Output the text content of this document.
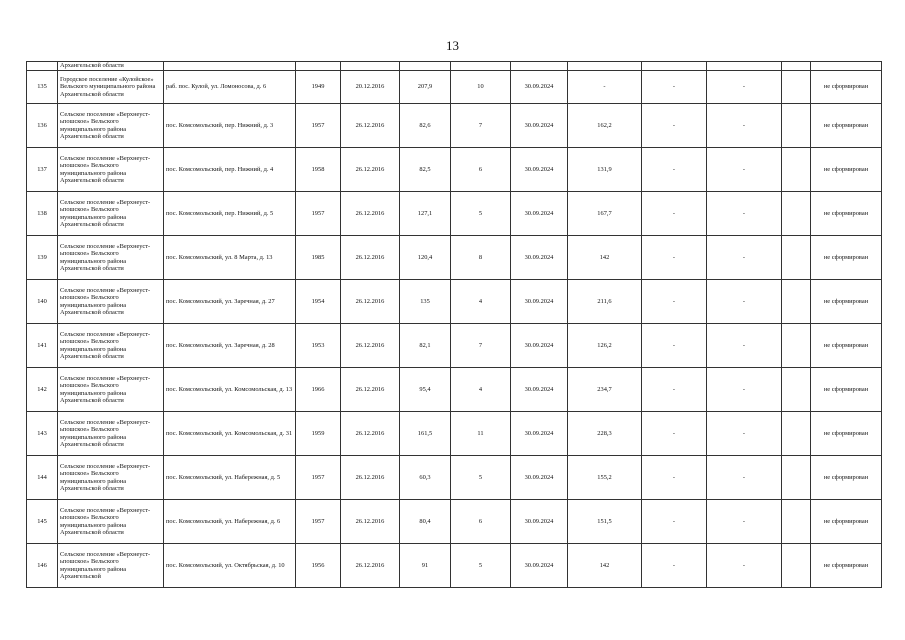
13
	Архангельской области											
135	Городское поселение «Кулойское» Вельского муниципального района Архангельской области	раб. пос. Кулой, ул. Ломоносова, д. 6	1949	20.12.2016	207,9	10	30.09.2024	-	-	-		не сформирован
136	Сельское поселение «Верхнеустьпошское» Вельского муниципального района Архангельской области	пос. Комсомольский, пер. Нижний, д. 3	1957	26.12.2016	82,6	7	30.09.2024	162,2	-	-		не сформирован
137	Сельское поселение «Верхнеустьпошское» Вельского муниципального района Архангельской области	пос. Комсомольский, пер. Нижний, д. 4	1958	26.12.2016	82,5	6	30.09.2024	131,9	-	-		не сформирован
138	Сельское поселение «Верхнеустьпошское» Вельского муниципального района Архангельской области	пос. Комсомольский, пер. Нижний, д. 5	1957	26.12.2016	127,1	5	30.09.2024	167,7	-	-		не сформирован
139	Сельское поселение «Верхнеустьпошское» Вельского муниципального района Архангельской области	пос. Комсомольский, ул. 8 Марта, д. 13	1985	26.12.2016	120,4	8	30.09.2024	142	-	-		не сформирован
140	Сельское поселение «Верхнеустьпошское» Вельского муниципального района Архангельской области	пос. Комсомольский, ул. Заречная, д. 27	1954	26.12.2016	135	4	30.09.2024	211,6	-	-		не сформирован
141	Сельское поселение «Верхнеустьпошское» Вельского муниципального района Архангельской области	пос. Комсомольский, ул. Заречная, д. 28	1953	26.12.2016	82,1	7	30.09.2024	126,2	-	-		не сформирован
142	Сельское поселение «Верхнеустьпошское» Вельского муниципального района Архангельской области	пос. Комсомольский, ул. Комсомольская, д. 13	1966	26.12.2016	95,4	4	30.09.2024	234,7	-	-		не сформирован
143	Сельское поселение «Верхнеустьпошское» Вельского муниципального района Архангельской области	пос. Комсомольский, ул. Комсомольская, д. 31	1959	26.12.2016	161,5	11	30.09.2024	228,3	-	-		не сформирован
144	Сельское поселение «Верхнеустьпошское» Вельского муниципального района Архангельской области	пос. Комсомольский, ул. Набережная, д. 5	1957	26.12.2016	60,3	5	30.09.2024	155,2	-	-		не сформирован
145	Сельское поселение «Верхнеустьпошское» Вельского муниципального района Архангельской области	пос. Комсомольский, ул. Набережная, д. 6	1957	26.12.2016	80,4	6	30.09.2024	151,5	-	-		не сформирован
146	Сельское поселение «Верхнеустьпошское» Вельского муниципального района Архангельской	пос. Комсомольский, ул. Октябрьская, д. 10	1956	26.12.2016	91	5	30.09.2024	142	-	-		не сформирован
